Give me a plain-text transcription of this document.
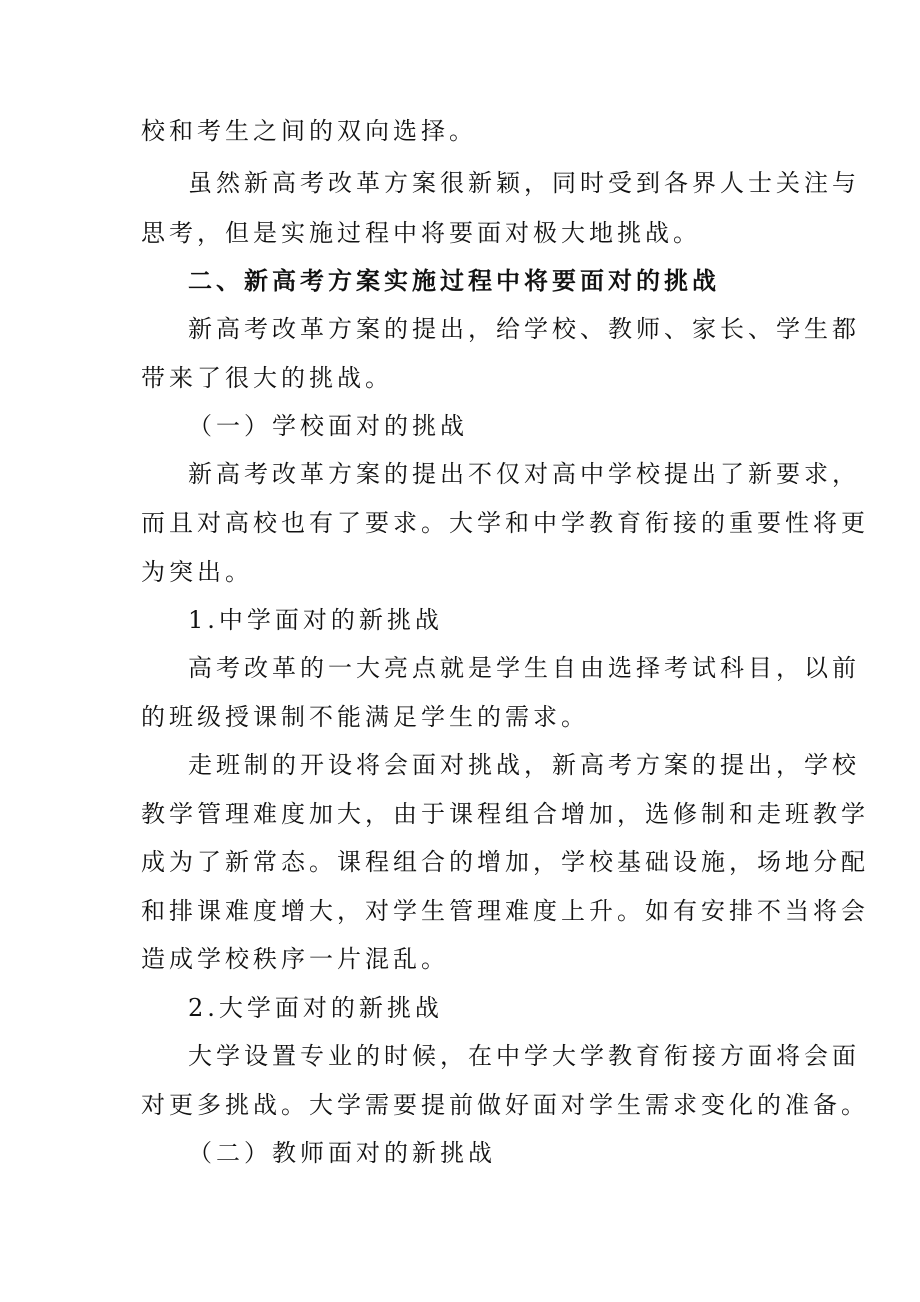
校和考生之间的双向选择。
虽然新高考改革方案很新颖，同时受到各界人士关注与
思考，但是实施过程中将要面对极大地挑战。
二、新高考方案实施过程中将要面对的挑战
新高考改革方案的提出，给学校、教师、家长、学生都
带来了很大的挑战。
（一）学校面对的挑战
新高考改革方案的提出不仅对高中学校提出了新要求，
而且对高校也有了要求。大学和中学教育衔接的重要性将更
为突出。
1.中学面对的新挑战
高考改革的一大亮点就是学生自由选择考试科目，以前
的班级授课制不能满足学生的需求。
走班制的开设将会面对挑战，新高考方案的提出，学校
教学管理难度加大，由于课程组合增加，选修制和走班教学
成为了新常态。课程组合的增加，学校基础设施，场地分配
和排课难度增大，对学生管理难度上升。如有安排不当将会
造成学校秩序一片混乱。
2.大学面对的新挑战
大学设置专业的时候，在中学大学教育衔接方面将会面
对更多挑战。大学需要提前做好面对学生需求变化的准备。
（二）教师面对的新挑战
